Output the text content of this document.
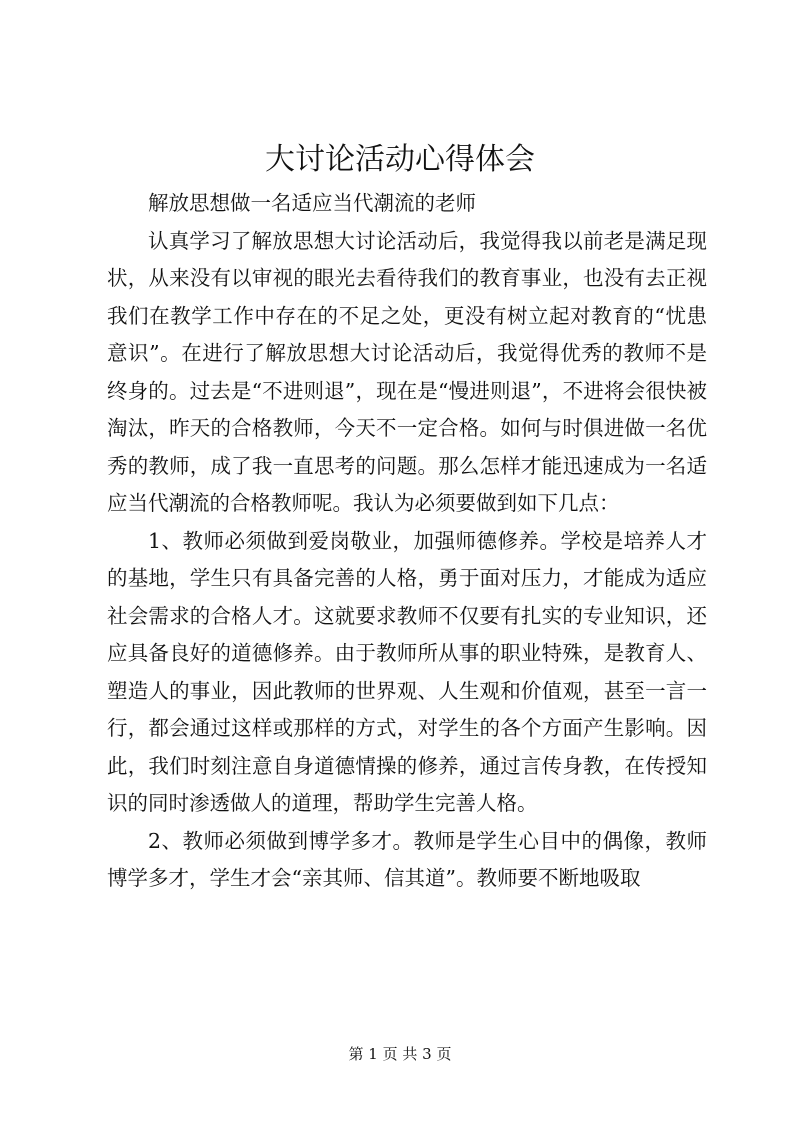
大讨论活动心得体会

解放思想做一名适应当代潮流的老师

认真学习了解放思想大讨论活动后，我觉得我以前老是满足现状，从来没有以审视的眼光去看待我们的教育事业，也没有去正视我们在教学工作中存在的不足之处，更没有树立起对教育的“忧患意识”。在进行了解放思想大讨论活动后，我觉得优秀的教师不是终身的。过去是“不进则退”，现在是“慢进则退”，不进将会很快被淘汰，昨天的合格教师，今天不一定合格。如何与时俱进做一名优秀的教师，成了我一直思考的问题。那么怎样才能迅速成为一名适应当代潮流的合格教师呢。我认为必须要做到如下几点：

1、教师必须做到爱岗敬业，加强师德修养。学校是培养人才的基地，学生只有具备完善的人格，勇于面对压力，才能成为适应社会需求的合格人才。这就要求教师不仅要有扎实的专业知识，还应具备良好的道德修养。由于教师所从事的职业特殊，是教育人、塑造人的事业，因此教师的世界观、人生观和价值观，甚至一言一行，都会通过这样或那样的方式，对学生的各个方面产生影响。因此，我们时刻注意自身道德情操的修养，通过言传身教，在传授知识的同时渗透做人的道理，帮助学生完善人格。

2、教师必须做到博学多才。教师是学生心目中的偶像，教师博学多才，学生才会“亲其师、信其道”。教师要不断地吸取

第 1 页 共 3 页
